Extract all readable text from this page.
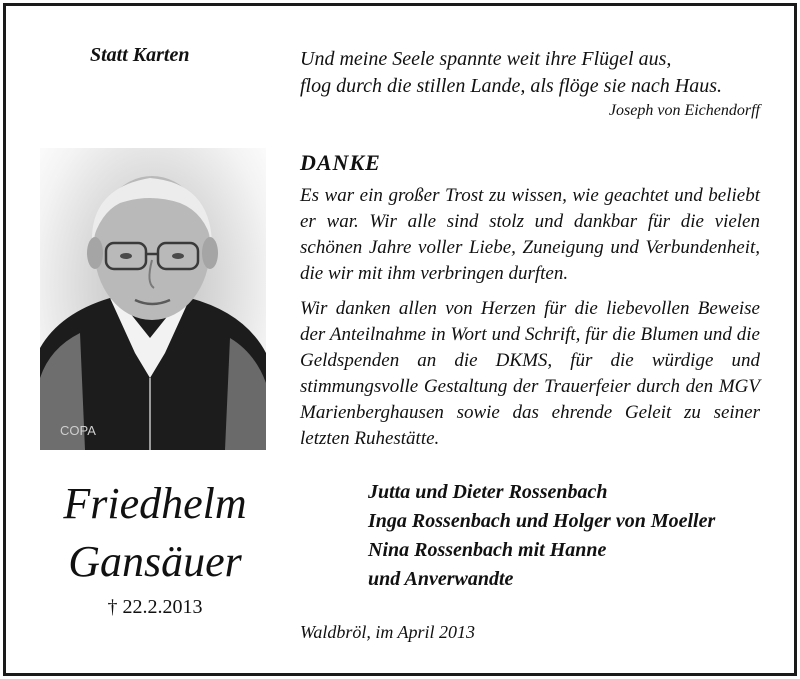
Statt Karten	Und meine Seele spannte weit ihre Flügel aus,
flog durch die stillen Lande, als flöge sie nach Haus.
Joseph von Eichendorff
COPA
DANKE

Es war ein großer Trost zu wissen, wie geachtet und beliebt er war. Wir alle sind stolz und dankbar für die vielen schönen Jahre voller Liebe, Zuneigung und Verbundenheit, die wir mit ihm verbringen durften.

Wir danken allen von Herzen für die liebevollen Beweise der Anteilnahme in Wort und Schrift, für die Blumen und die Geldspenden an die DKMS, für die würdige und stimmungsvolle Gestaltung der Trauerfeier durch den MGV Marienberghausen sowie das ehrende Geleit zu seiner letzten Ruhestätte.

Friedhelm
Gansäuer
† 22.2.2013
Jutta und Dieter Rossenbach
Inga Rossenbach und Holger von Moeller
Nina Rossenbach mit Hanne
und Anverwandte
Waldbröl, im April 2013
